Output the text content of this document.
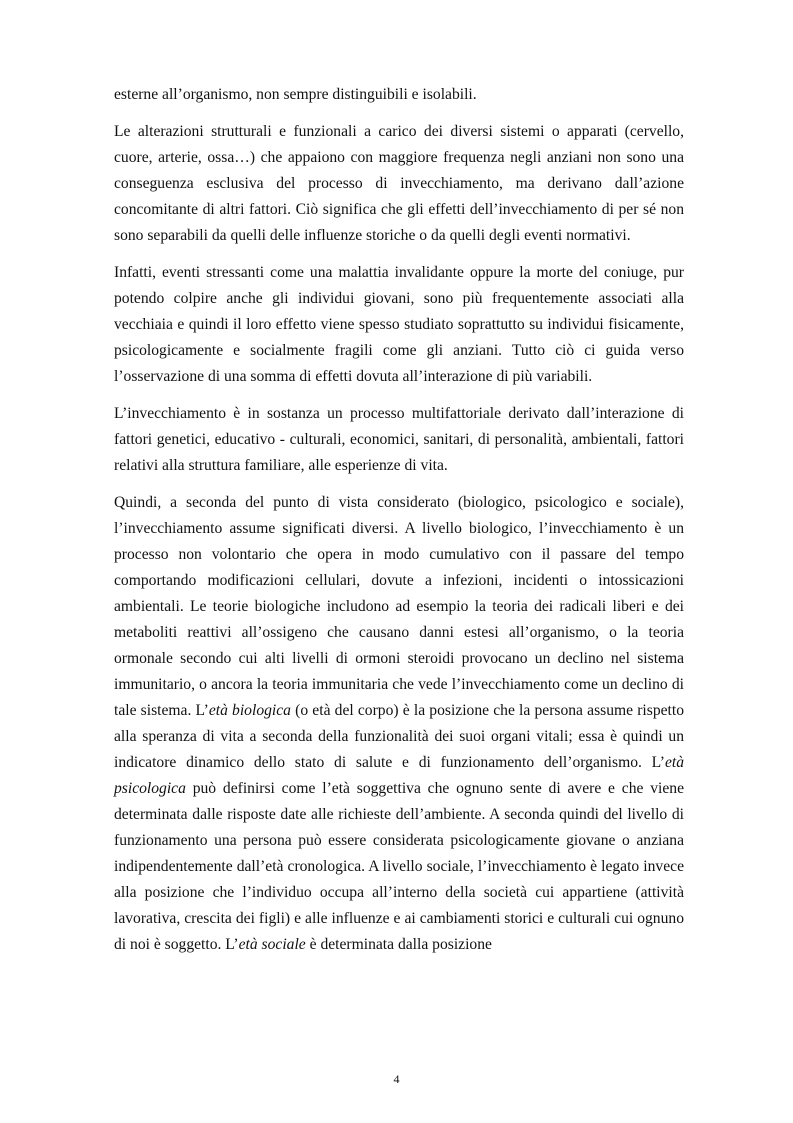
esterne all’organismo, non sempre distinguibili e isolabili.

Le alterazioni strutturali e funzionali a carico dei diversi sistemi o apparati (cervello, cuore, arterie, ossa…) che appaiono con maggiore frequenza negli anziani non sono una conseguenza esclusiva del processo di invecchiamento, ma derivano dall’azione concomitante di altri fattori. Ciò significa che gli effetti dell’invecchiamento di per sé non sono separabili da quelli delle influenze storiche o da quelli degli eventi normativi.

Infatti, eventi stressanti come una malattia invalidante oppure la morte del coniuge, pur potendo colpire anche gli individui giovani, sono più frequentemente associati alla vecchiaia e quindi il loro effetto viene spesso studiato soprattutto su individui fisicamente, psicologicamente e socialmente fragili come gli anziani. Tutto ciò ci guida verso l’osservazione di una somma di effetti dovuta all’interazione di più variabili.

L’invecchiamento è in sostanza un processo multifattoriale derivato dall’interazione di fattori genetici, educativo - culturali, economici, sanitari, di personalità, ambientali, fattori relativi alla struttura familiare, alle esperienze di vita.

Quindi, a seconda del punto di vista considerato (biologico, psicologico e sociale), l’invecchiamento assume significati diversi. A livello biologico, l’invecchiamento è un processo non volontario che opera in modo cumulativo con il passare del tempo comportando modificazioni cellulari, dovute a infezioni, incidenti o intossicazioni ambientali. Le teorie biologiche includono ad esempio la teoria dei radicali liberi e dei metaboliti reattivi all’ossigeno che causano danni estesi all’organismo, o la teoria ormonale secondo cui alti livelli di ormoni steroidi provocano un declino nel sistema immunitario, o ancora la teoria immunitaria che vede l’invecchiamento come un declino di tale sistema. L’età biologica (o età del corpo) è la posizione che la persona assume rispetto alla speranza di vita a seconda della funzionalità dei suoi organi vitali; essa è quindi un indicatore dinamico dello stato di salute e di funzionamento dell’organismo. L’età psicologica può definirsi come l’età soggettiva che ognuno sente di avere e che viene determinata dalle risposte date alle richieste dell’ambiente. A seconda quindi del livello di funzionamento una persona può essere considerata psicologicamente giovane o anziana indipendentemente dall’età cronologica. A livello sociale, l’invecchiamento è legato invece alla posizione che l’individuo occupa all’interno della società cui appartiene (attività lavorativa, crescita dei figli) e alle influenze e ai cambiamenti storici e culturali cui ognuno di noi è soggetto. L’età sociale è determinata dalla posizione

4
